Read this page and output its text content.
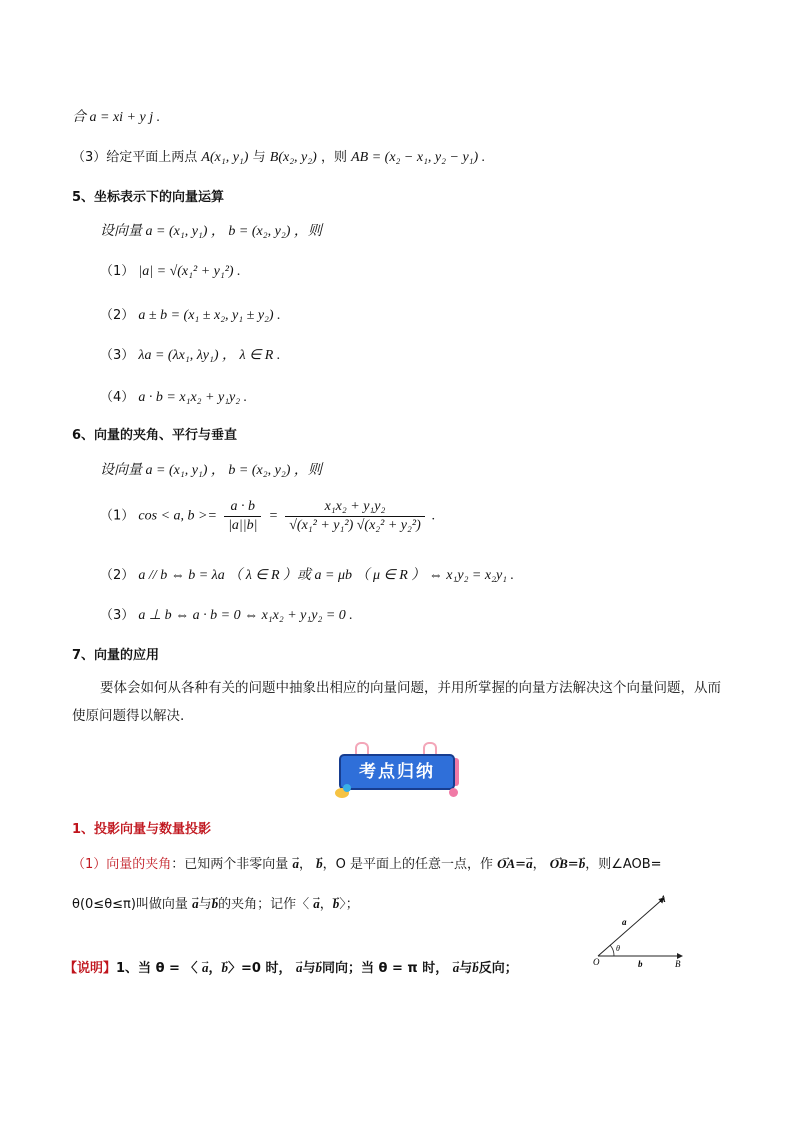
合 a = xi + y j .
（3）给定平面上两点 A(x₁, y₁) 与 B(x₂, y₂) ，则 AB = (x₂ − x₁, y₂ − y₁) .
5、坐标表示下的向量运算
设向量 a = (x₁, y₁) ， b = (x₂, y₂) ，则
（1） |a| = √(x₁² + y₁²) .
（2） a ± b = (x₁ ± x₂, y₁ ± y₂) .
（3） λa = (λx₁, λy₁) ， λ ∈ R .
（4） a · b = x₁x₂ + y₁y₂ .
6、向量的夹角、平行与垂直
设向量 a = (x₁, y₁) ， b = (x₂, y₂) ，则
（1） cos < a, $b >= \frac{a \cdot b}{|a||b|} = \frac{\text{x₁x₂ + y₁y₂}}{\text{√(x₁² + y₁²) √(x₂² + y₂²)}}$ .
（2） a // b ⇔ b = λa （ λ ∈ R ）或 a = μb （ μ ∈ R ） ⇔ x₁y₂ = x₂y₁ .
（3） a ⊥ b ⇔ a · b = 0 ⇔ x₁x₂ + y₁y₂ = 0 .
7、向量的应用
要体会如何从各种有关的问题中抽象出相应的向量问题，并用所掌握的向量方法解决这个向量问题，从而使原问题得以解决.
考点归纳
1、投影向量与数量投影
（1）向量的夹角：已知两个非零向量 → a， → b，O 是平面上的任意一点，作 → OA=→ a， → OB=→ b，则∠AOB=
θ(0≤θ≤π)叫做向量 → a与→ b的夹角；记作〈 → a，→ b〉；
【说明】1、当 θ = 〈 → a，→ b〉=0 时， → a与→ b同向；当 θ = π 时， → a与→ b反向；
A
B
O
a
b
θ
